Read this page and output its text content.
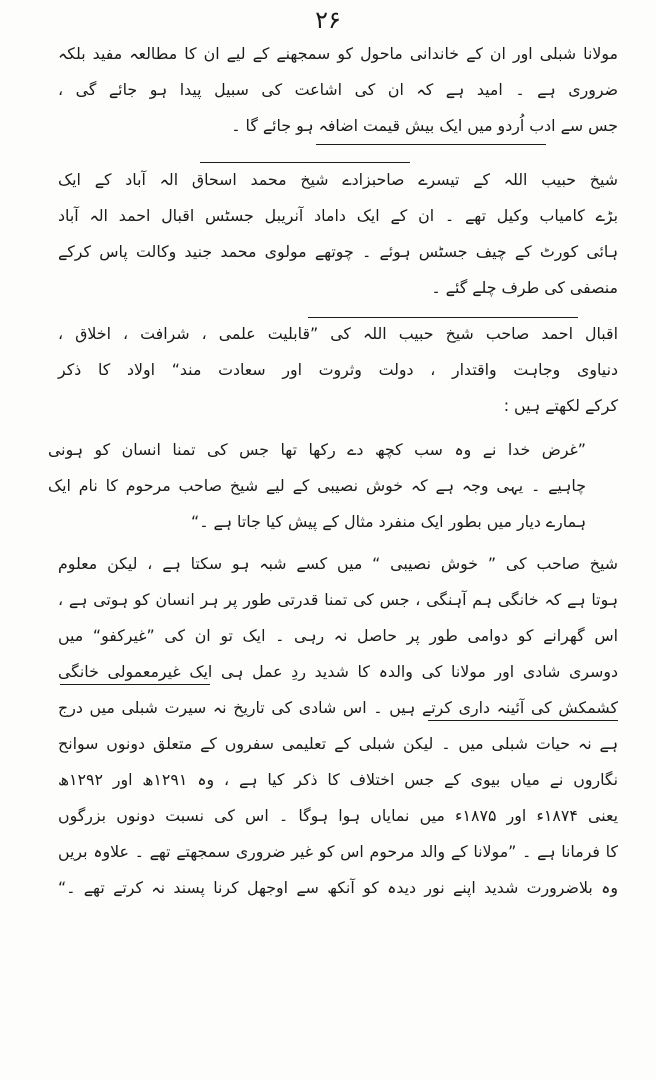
۲۶
مولانا شبلی اور ان کے خاندانی ماحول کو سمجھنے کے لیے ان کا مطالعہ مفید بلکہ
ضروری ہے ۔ امید ہے کہ ان کی اشاعت کی سبیل پیدا ہو جائے گی ،
جس سے ادب اُردو میں ایک بیش قیمت اضافہ ہو جائے گا ۔
شیخ حبیب اللہ کے تیسرے صاحبزادے شیخ محمد اسحاق الہ آباد کے ایک
بڑے کامیاب وکیل تھے ۔ ان کے ایک داماد آنریبل جسٹس اقبال احمد الہ آباد
ہائی کورٹ کے چیف جسٹس ہوئے ۔ چوتھے مولوی محمد جنید وکالت پاس کرکے
منصفی کی طرف چلے گئے ۔
اقبال احمد صاحب شیخ حبیب اللہ کی ”قابلیت علمی ، شرافت ، اخلاق ،
دنیاوی وجاہت واقتدار ، دولت وثروت اور سعادت مند“ اولاد کا ذکر
کرکے لکھتے ہیں :
”غرض خدا نے وہ سب کچھ دے رکھا تھا جس کی تمنا انسان کو ہونی
چاہیے ۔ یہی وجہ ہے کہ خوش نصیبی کے لیے شیخ صاحب مرحوم کا نام ایک
ہمارے دیار میں بطور ایک منفرد مثال کے پیش کیا جاتا ہے ۔“
شیخ صاحب کی ” خوش نصیبی “ میں کسے شبہ ہو سکتا ہے ، لیکن معلوم
ہوتا ہے کہ خانگی ہم آہنگی ، جس کی تمنا قدرتی طور پر ہر انسان کو ہوتی ہے ،
اس گھرانے کو دوامی طور پر حاصل نہ رہی ۔ ایک تو ان کی ”غیرکفو“ میں
دوسری شادی اور مولانا کی والدہ کا شدید ردِ عمل ہی ایک غیرمعمولی خانگی
کشمکش کی آئینہ داری کرتے ہیں ۔ اس شادی کی تاریخ نہ سیرت شبلی میں درج
ہے نہ حیات شبلی میں ۔ لیکن شبلی کے تعلیمی سفروں کے متعلق دونوں سوانح
نگاروں نے میاں بیوی کے جس اختلاف کا ذکر کیا ہے ، وہ ۱۲۹۱ھ اور ۱۲۹۲ھ
یعنی ۱۸۷۴ء اور ۱۸۷۵ء میں نمایاں ہوا ہوگا ۔ اس کی نسبت دونوں بزرگوں
کا فرمانا ہے ۔ ”مولانا کے والد مرحوم اس کو غیر ضروری سمجھتے تھے ۔ علاوہ بریں
وہ بلاضرورت شدید اپنے نور دیدہ کو آنکھ سے اوجھل کرنا پسند نہ کرتے تھے ۔“
